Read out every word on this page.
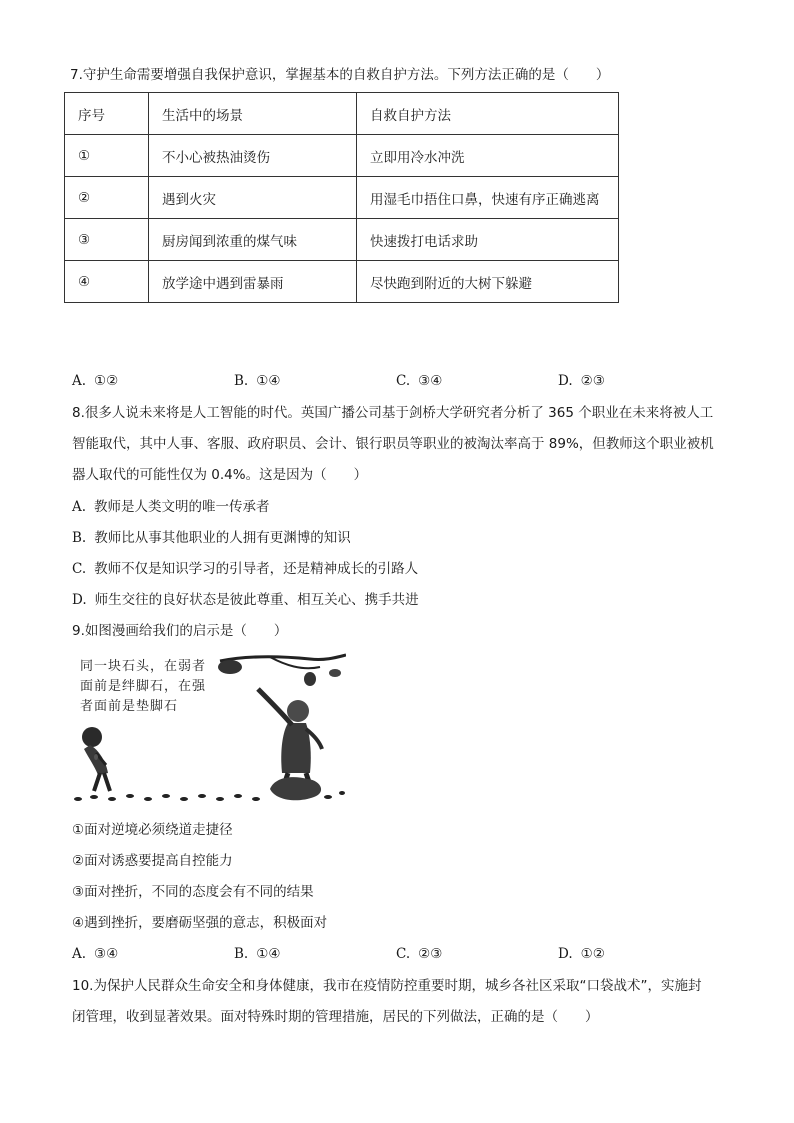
7.守护生命需要增强自我保护意识，掌握基本的自救自护方法。下列方法正确的是（　　）
序号	生活中的场景	自救自护方法
①	不小心被热油烫伤	立即用冷水冲洗
②	遇到火灾	用湿毛巾捂住口鼻，快速有序正确逃离
③	厨房闻到浓重的煤气味	快速拨打电话求助
④	放学途中遇到雷暴雨	尽快跑到附近的大树下躲避
A. ①②	B. ①④	C. ③④	D. ②③
8.很多人说未来将是人工智能的时代。英国广播公司基于剑桥大学研究者分析了 365 个职业在未来将被人工
智能取代，其中人事、客服、政府职员、会计、银行职员等职业的被淘汰率高于 89%，但教师这个职业被机
器人取代的可能性仅为 0.4%。这是因为（　　）
A. 教师是人类文明的唯一传承者
B. 教师比从事其他职业的人拥有更渊博的知识
C. 教师不仅是知识学习的引导者，还是精神成长的引路人
D. 师生交往的良好状态是彼此尊重、相互关心、携手共进
9.如图漫画给我们的启示是（　　）
同一块石头，在弱者
面前是绊脚石，在强
者面前是垫脚石
①面对逆境必须绕道走捷径
②面对诱惑要提高自控能力
③面对挫折，不同的态度会有不同的结果
④遇到挫折，要磨砺坚强的意志，积极面对
A. ③④	B. ①④	C. ②③	D. ①②
10.为保护人民群众生命安全和身体健康，我市在疫情防控重要时期，城乡各社区采取“口袋战术”，实施封
闭管理，收到显著效果。面对特殊时期的管理措施，居民的下列做法，正确的是（　　）
